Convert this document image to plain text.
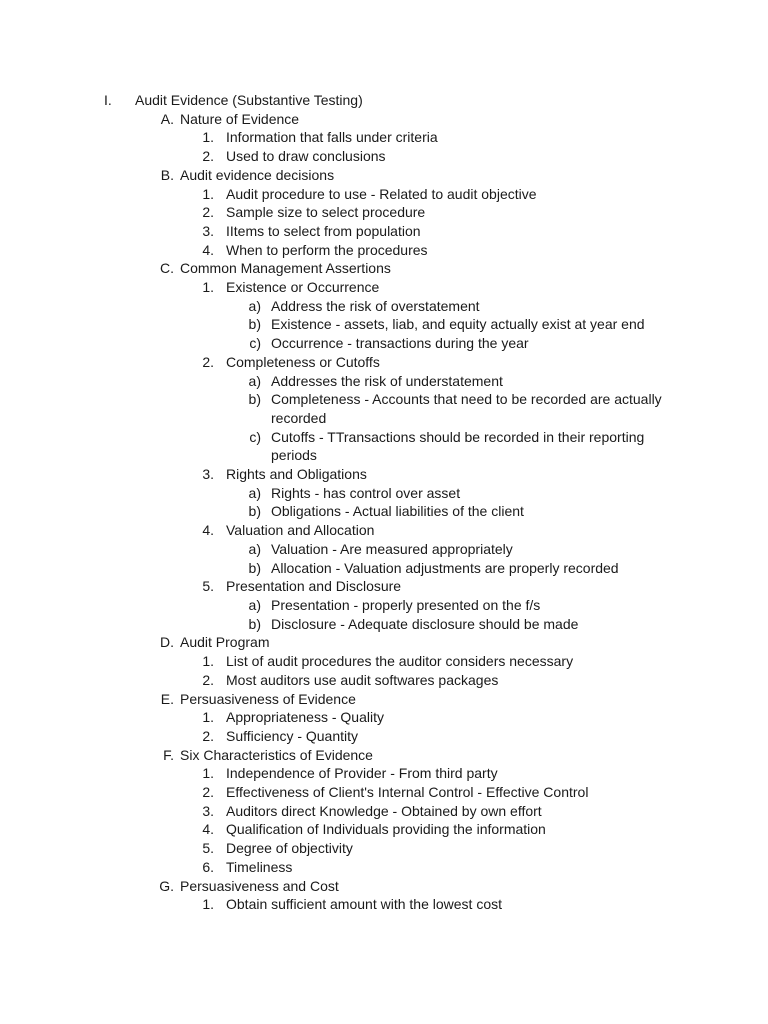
I. Audit Evidence (Substantive Testing)
A. Nature of Evidence
1. Information that falls under criteria
2. Used to draw conclusions
B. Audit evidence decisions
1. Audit procedure to use - Related to audit objective
2. Sample size to select procedure
3. IItems to select from population
4. When to perform the procedures
C. Common Management Assertions
1. Existence or Occurrence
a) Address the risk of overstatement
b) Existence - assets, liab, and equity actually exist at year end
c) Occurrence - transactions during the year
2. Completeness or Cutoffs
a) Addresses the risk of understatement
b) Completeness - Accounts that need to be recorded are actually recorded
c) Cutoffs - TTransactions should be recorded in their reporting periods
3. Rights and Obligations
a) Rights - has control over asset
b) Obligations - Actual liabilities of the client
4. Valuation and Allocation
a) Valuation - Are measured appropriately
b) Allocation - Valuation adjustments are properly recorded
5. Presentation and Disclosure
a) Presentation - properly presented on the f/s
b) Disclosure - Adequate disclosure should be made
D. Audit Program
1. List of audit procedures the auditor considers necessary
2. Most auditors use audit softwares packages
E. Persuasiveness of Evidence
1. Appropriateness - Quality
2. Sufficiency - Quantity
F. Six Characteristics of Evidence
1. Independence of Provider - From third party
2. Effectiveness of Client's Internal Control - Effective Control
3. Auditors direct Knowledge - Obtained by own effort
4. Qualification of Individuals providing the information
5. Degree of objectivity
6. Timeliness
G. Persuasiveness and Cost
1. Obtain sufficient amount with the lowest cost
